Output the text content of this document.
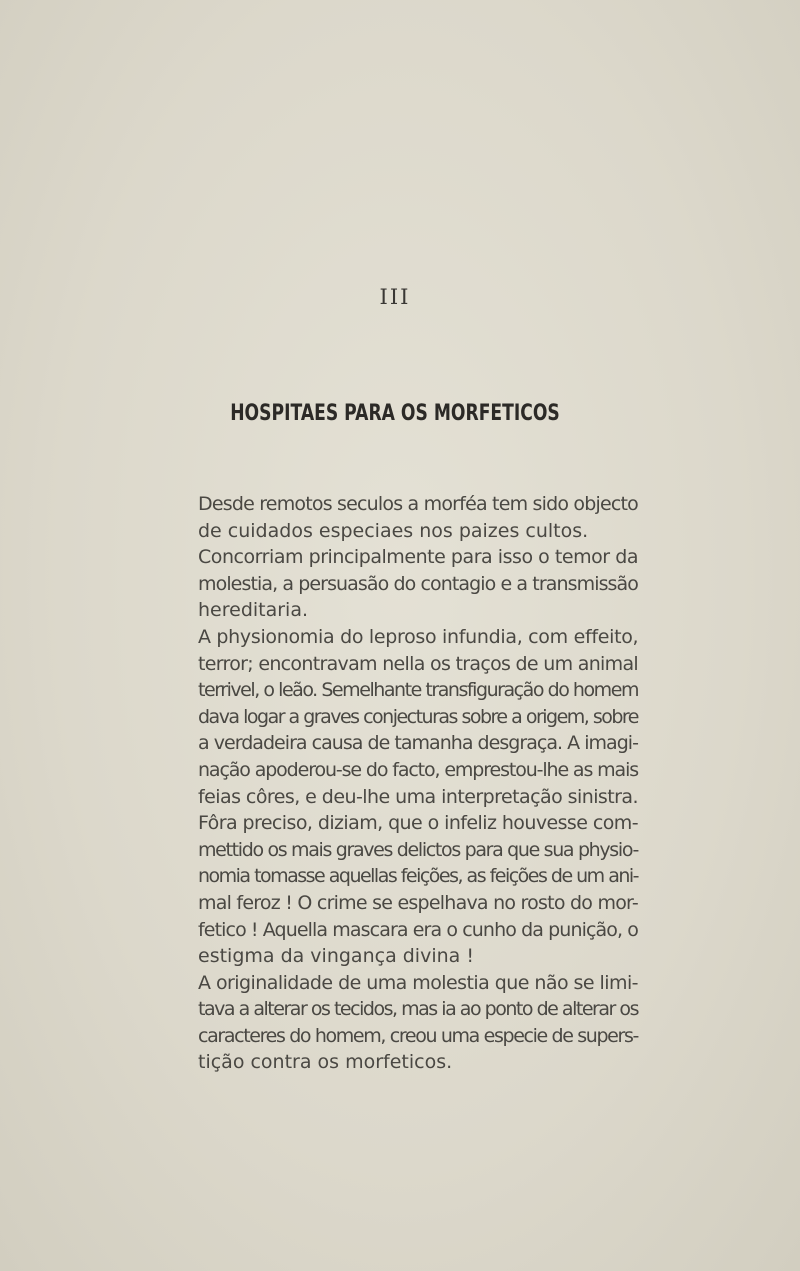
III
HOSPITAES PARA OS MORFETICOS
Desde remotos seculos a morféa tem sido objecto
de cuidados especiaes nos paizes cultos.
Concorriam principalmente para isso o temor da
molestia, a persuasão do contagio e a transmissão
hereditaria.
A physionomia do leproso infundia, com effeito,
terror; encontravam nella os traços de um animal
terrivel, o leão. Semelhante transfiguração do homem
dava logar a graves conjecturas sobre a origem, sobre
a verdadeira causa de tamanha desgraça. A imagi-
nação apoderou-se do facto, emprestou-lhe as mais
feias côres, e deu-lhe uma interpretação sinistra.
Fôra preciso, diziam, que o infeliz houvesse com-
mettido os mais graves delictos para que sua physio-
nomia tomasse aquellas feições, as feições de um ani-
mal feroz ! O crime se espelhava no rosto do mor-
fetico ! Aquella mascara era o cunho da punição, o
estigma da vingança divina !
A originalidade de uma molestia que não se limi-
tava a alterar os tecidos, mas ia ao ponto de alterar os
caracteres do homem, creou uma especie de supers-
tição contra os morfeticos.
